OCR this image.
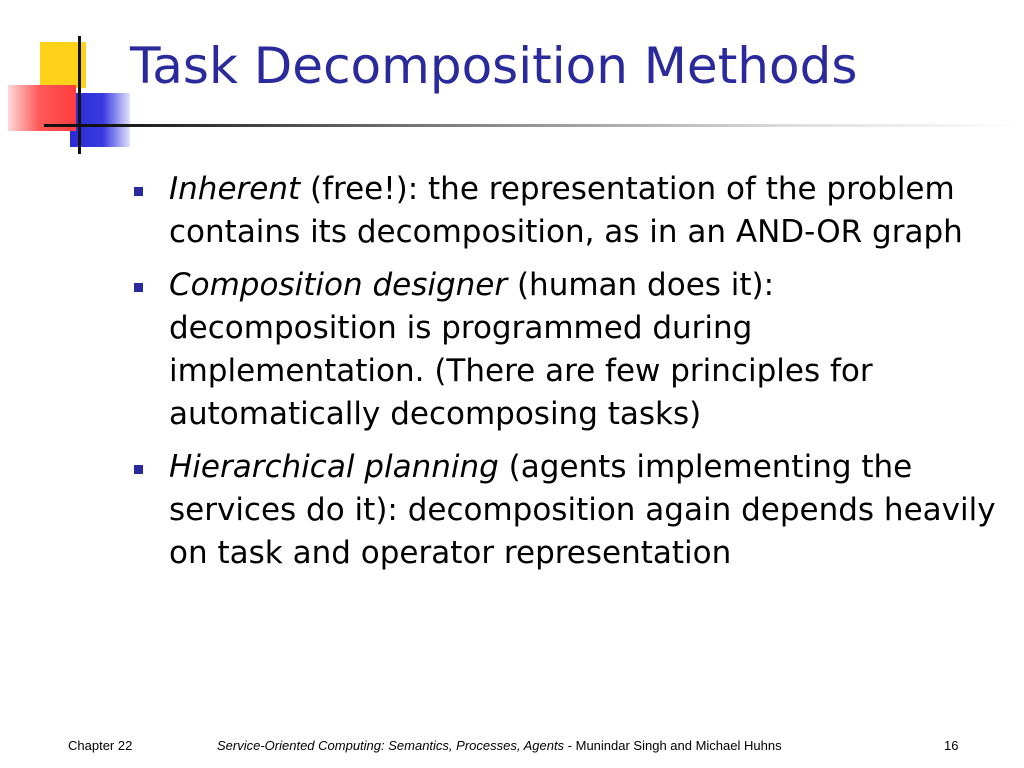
Task Decomposition Methods
Inherent (free!): the representation of the problem contains its decomposition, as in an AND-OR graph
Composition designer (human does it): decomposition is programmed during implementation. (There are few principles for automatically decomposing tasks)
Hierarchical planning (agents implementing the services do it): decomposition again depends heavily on task and operator representation
Chapter 22	Service-Oriented Computing: Semantics, Processes, Agents - Munindar Singh and Michael Huhns	16
